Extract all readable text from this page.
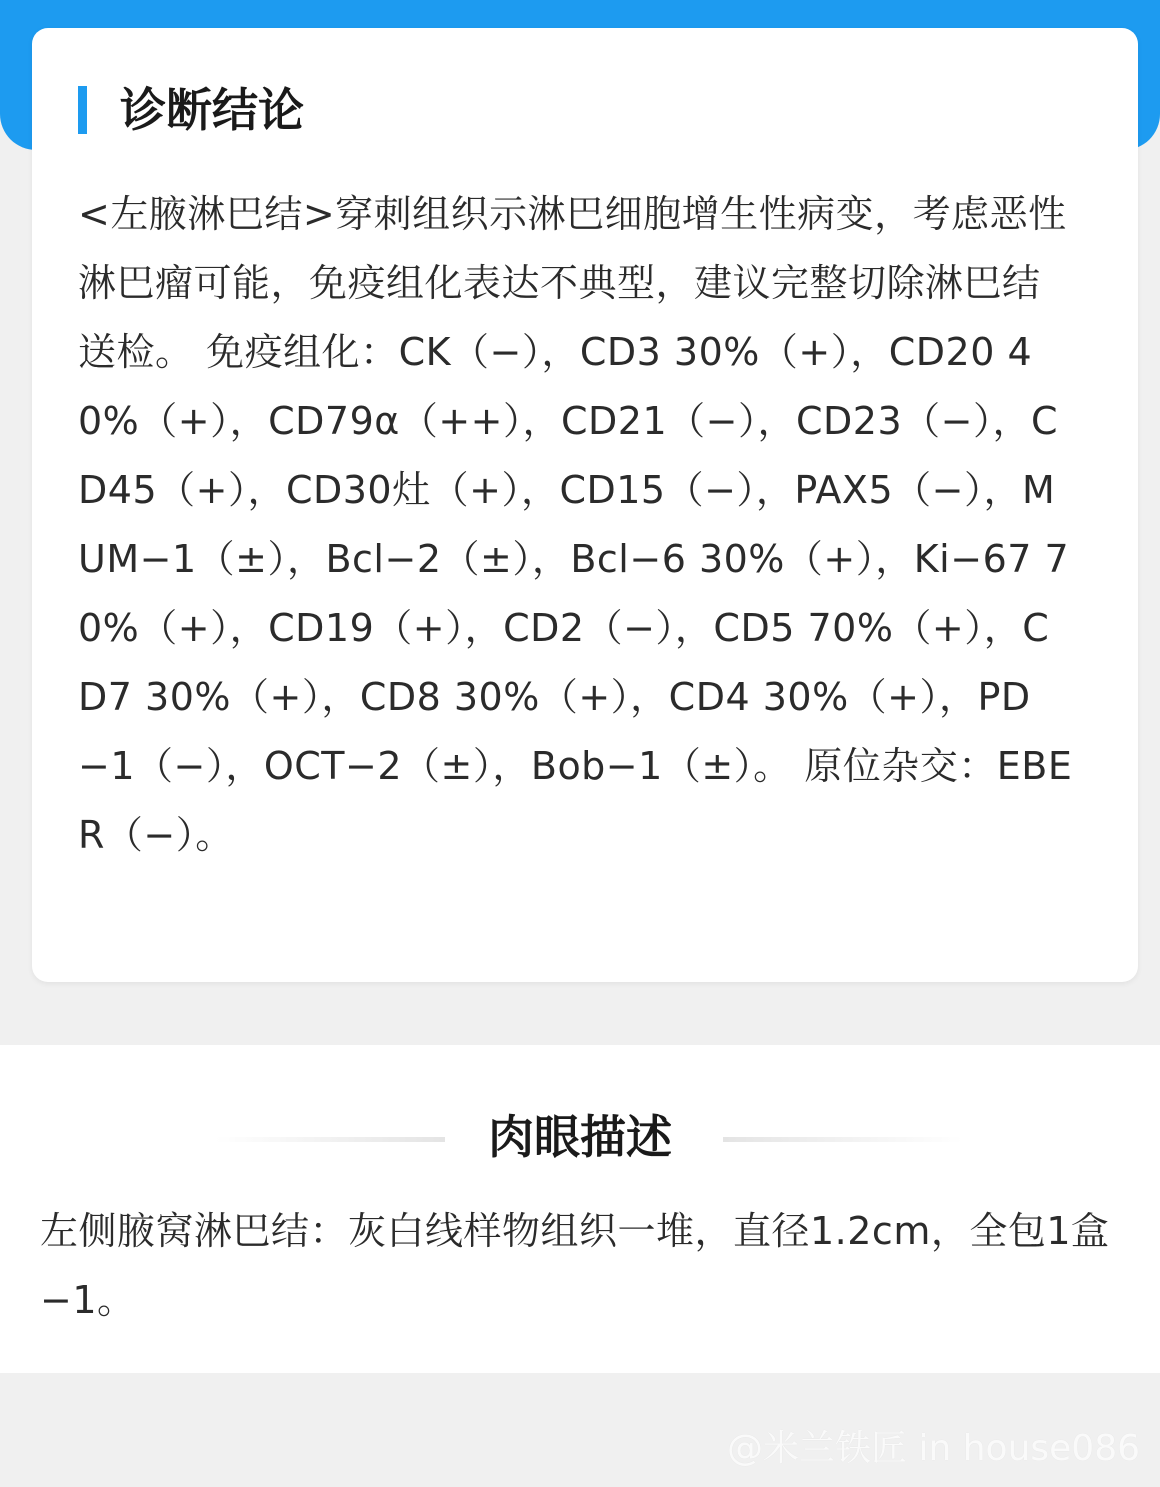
诊断结论

<左腋淋巴结>穿刺组织示淋巴细胞增生性病变，考虑恶性淋巴瘤可能，免疫组化表达不典型，建议完整切除淋巴结送检。 免疫组化：CK（−），CD3 30%（+），CD20 40%（+），CD79α（++），CD21（−），CD23（−），CD45（+），CD30灶（+），CD15（−），PAX5（−），MUM−1（±），Bcl−2（±），Bcl−6 30%（+），Ki−67 70%（+），CD19（+），CD2（−），CD5 70%（+），CD7 30%（+），CD8 30%（+），CD4 30%（+），PD−1（−），OCT−2（±），Bob−1（±）。 原位杂交：EBER（−）。

肉眼描述

左侧腋窝淋巴结：灰白线样物组织一堆，直径1.2cm，全包1盒−1。

@米兰铁匠 in house086
